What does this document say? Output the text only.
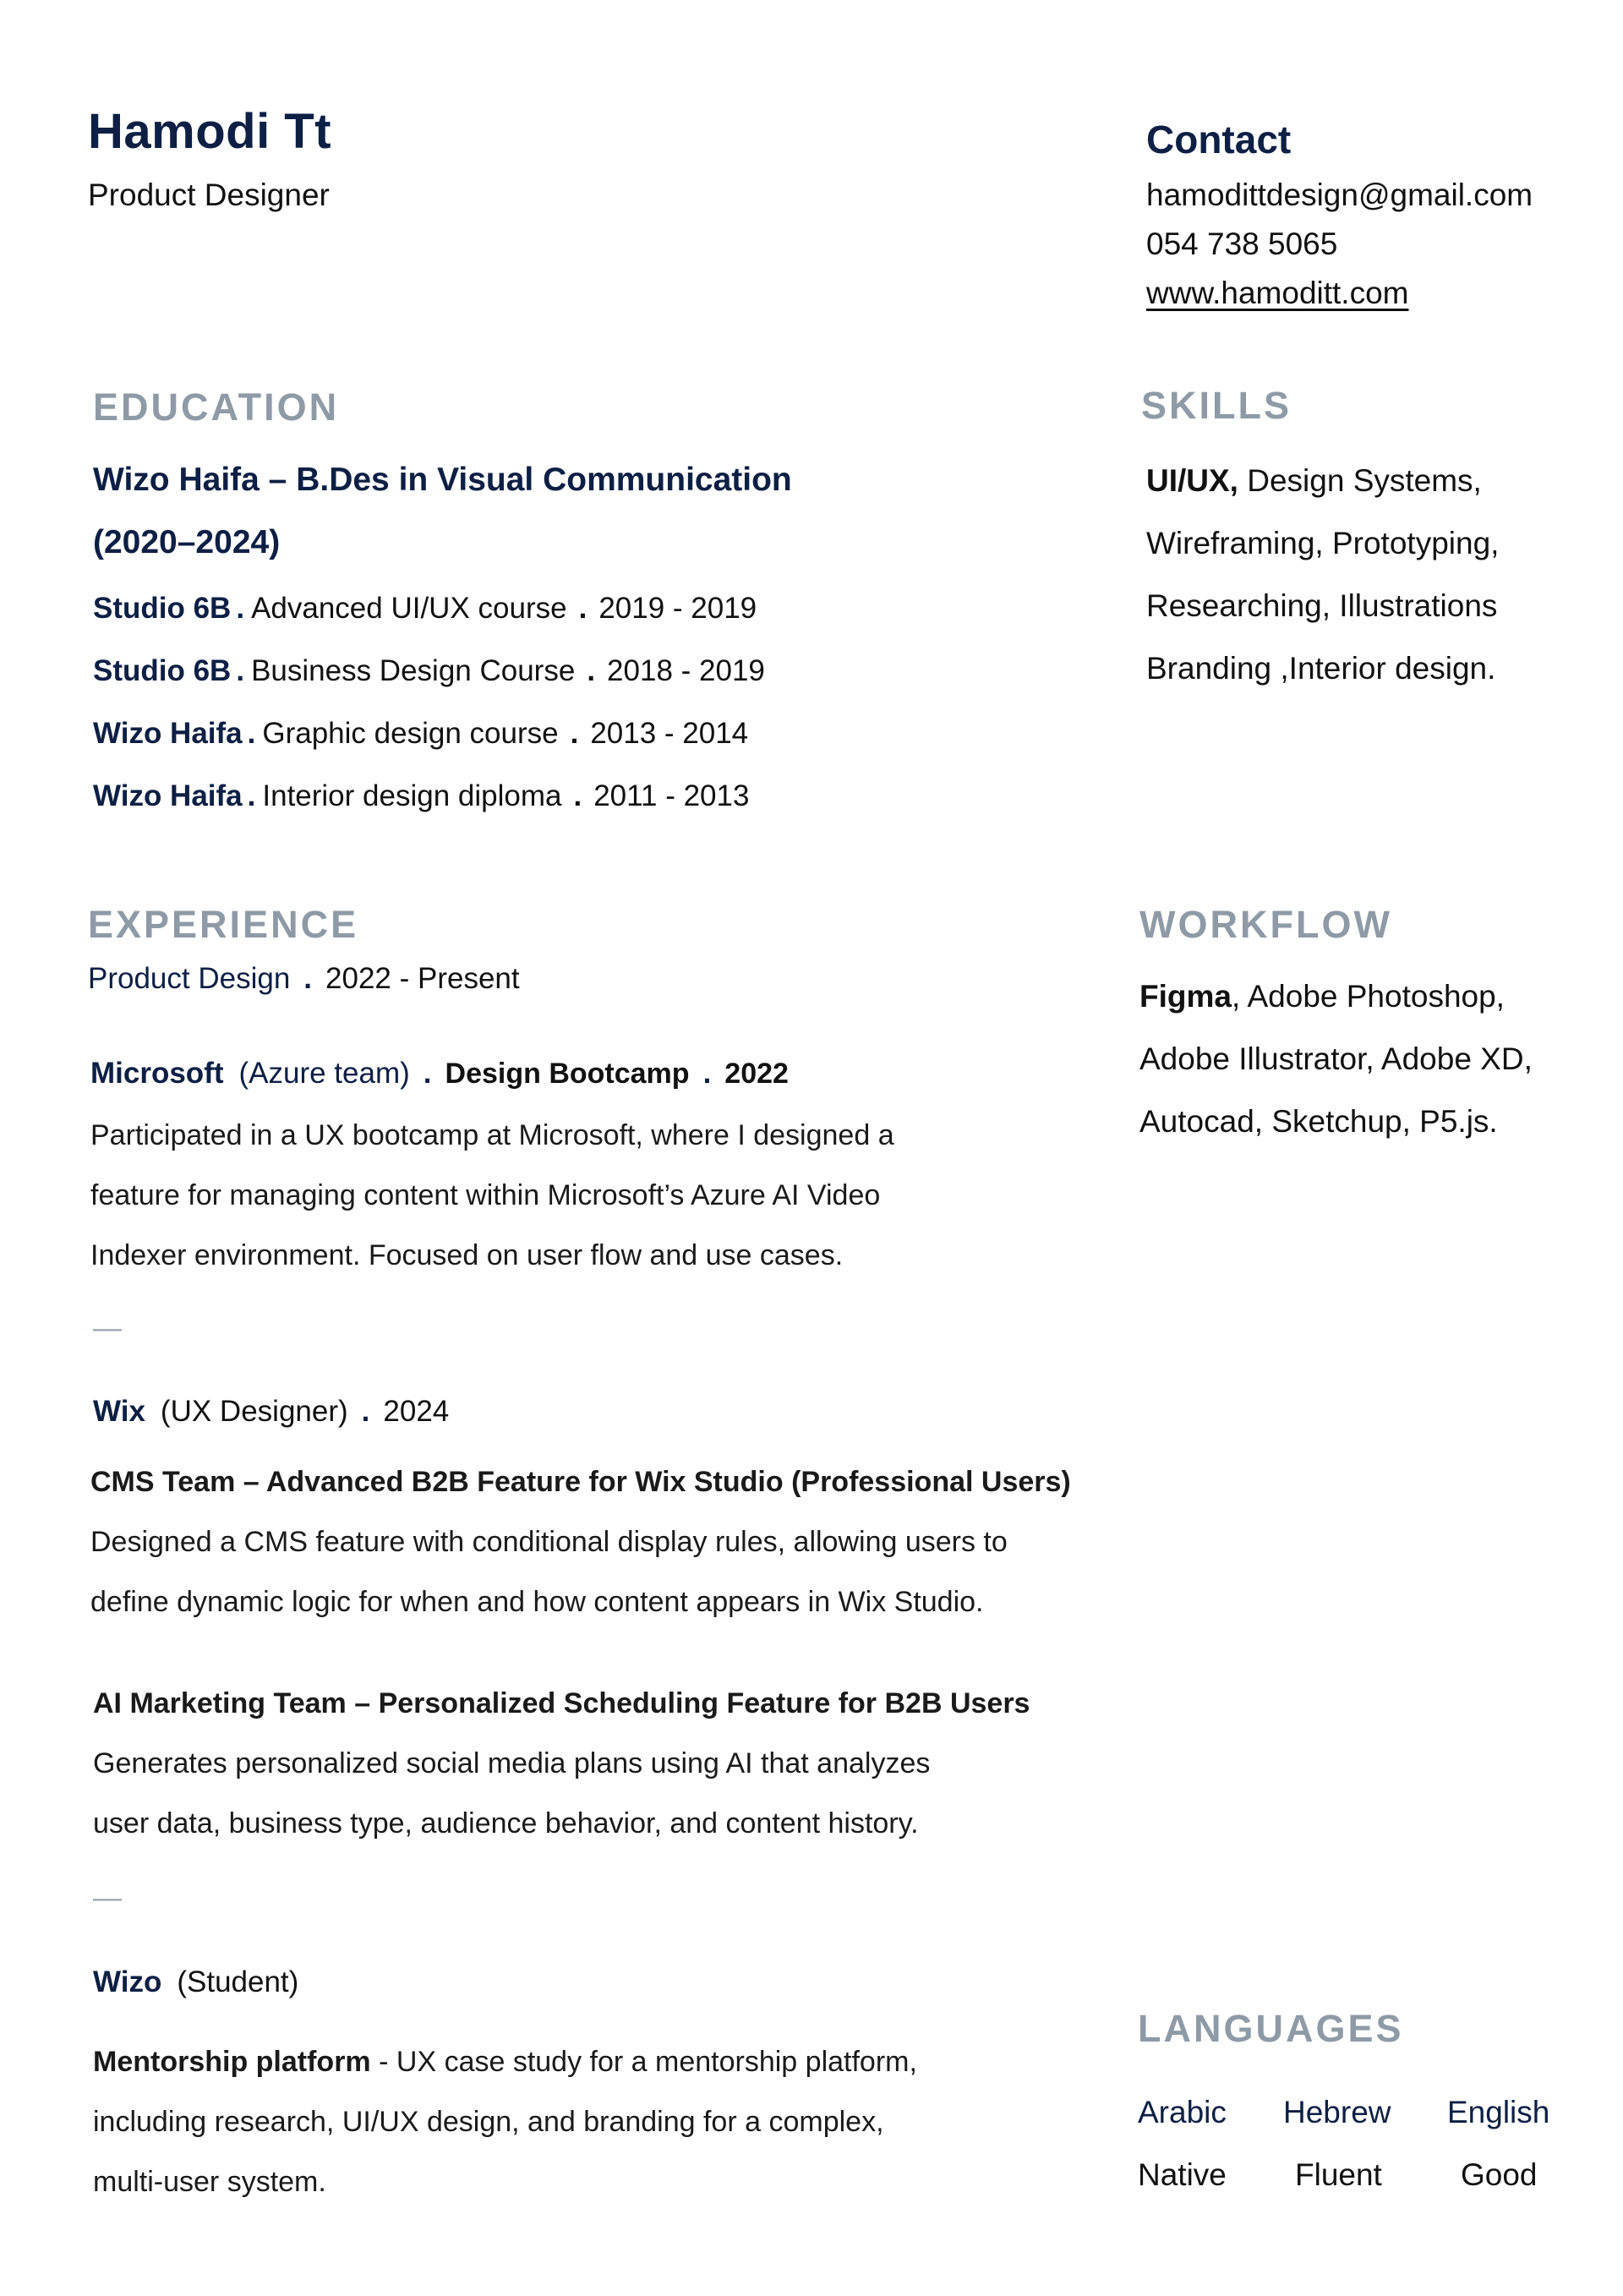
Hamodi Tt
Product Designer
Contact
hamodittdesign@gmail.com
054 738 5065
www.hamoditt.com
EDUCATION
Wizo Haifa – B.Des in Visual Communication
(2020–2024)
Studio 6B . Advanced UI/UX course . 2019 - 2019
Studio 6B . Business Design Course . 2018 - 2019
Wizo Haifa . Graphic design course . 2013 - 2014
Wizo Haifa . Interior design diploma . 2011 - 2013
SKILLS
UI/UX, Design Systems,
Wireframing, Prototyping,
Researching, Illustrations
Branding ,Interior design.
EXPERIENCE
Product Design . 2022 - Present
Microsoft (Azure team) . Design Bootcamp . 2022
Participated in a UX bootcamp at Microsoft, where I designed a
feature for managing content within Microsoft’s Azure AI Video
Indexer environment. Focused on user flow and use cases.
—
Wix (UX Designer) . 2024
CMS Team – Advanced B2B Feature for Wix Studio (Professional Users)
Designed a CMS feature with conditional display rules, allowing users to
define dynamic logic for when and how content appears in Wix Studio.
AI Marketing Team – Personalized Scheduling Feature for B2B Users
Generates personalized social media plans using AI that analyzes
user data, business type, audience behavior, and content history.
—
Wizo (Student)
Mentorship platform - UX case study for a mentorship platform,
including research, UI/UX design, and branding for a complex,
multi-user system.
WORKFLOW
Figma, Adobe Photoshop,
Adobe Illustrator, Adobe XD,
Autocad, Sketchup, P5.js.
LANGUAGES
Arabic Hebrew English
Native Fluent	Good
